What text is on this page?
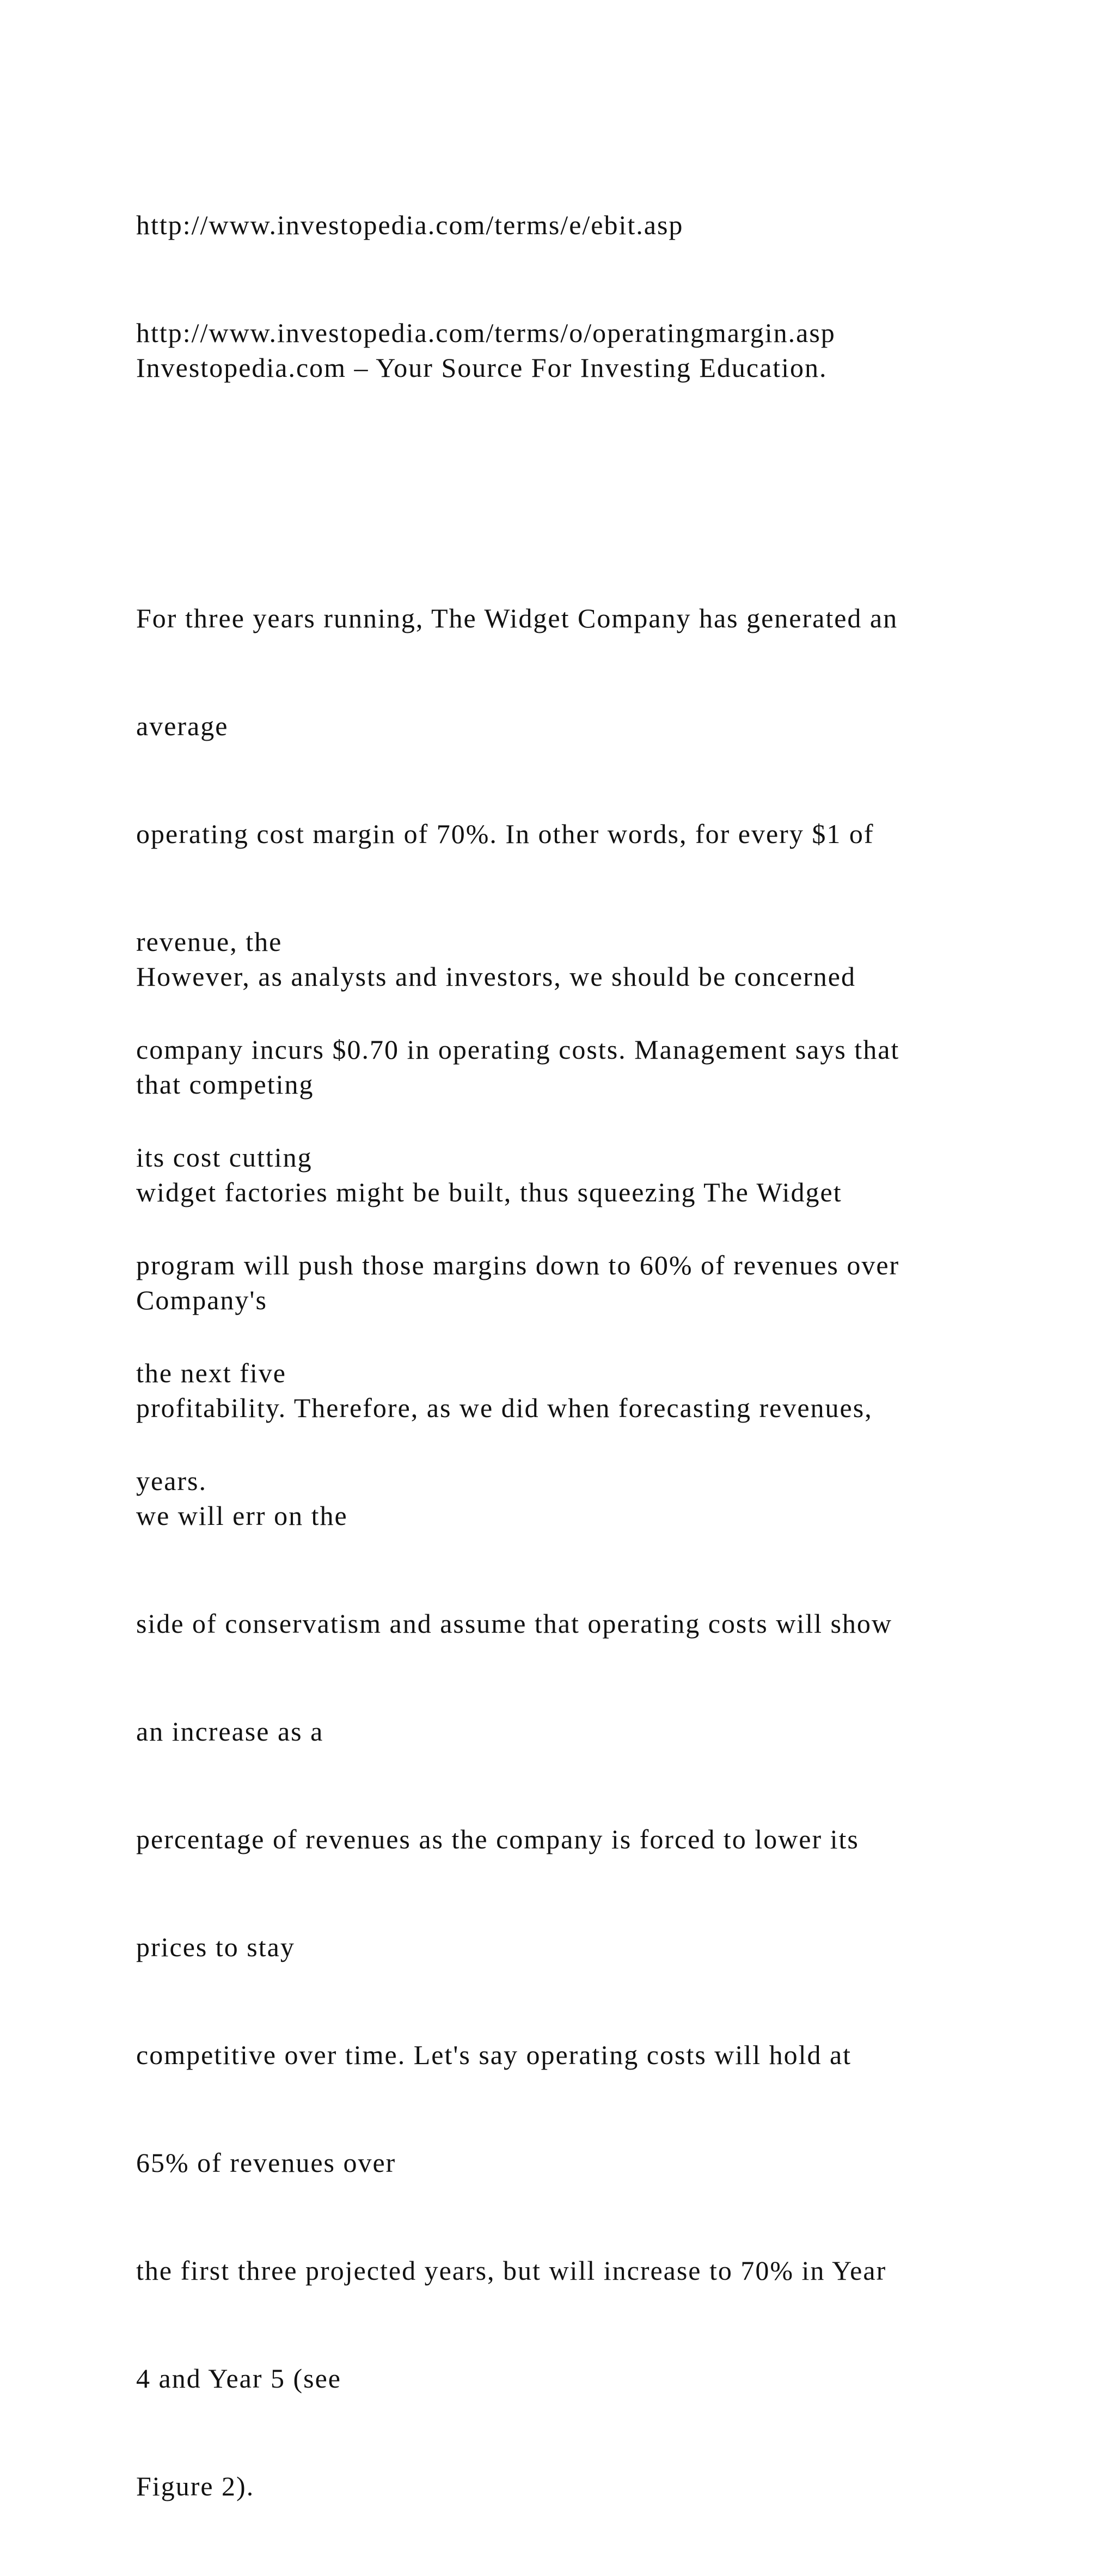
http://www.investopedia.com/terms/e/ebit.asp

http://www.investopedia.com/terms/o/operatingmargin.asp

Investopedia.com – Your Source For Investing Education.

For three years running, The Widget Company has generated an

average

operating cost margin of 70%. In other words, for every $1 of

revenue, the

company incurs $0.70 in operating costs. Management says that

its cost cutting

program will push those margins down to 60% of revenues over

the next five

years.

However, as analysts and investors, we should be concerned

that competing

widget factories might be built, thus squeezing The Widget

Company's

profitability. Therefore, as we did when forecasting revenues,

we will err on the

side of conservatism and assume that operating costs will show

an increase as a

percentage of revenues as the company is forced to lower its

prices to stay

competitive over time. Let's say operating costs will hold at

65% of revenues over

the first three projected years, but will increase to 70% in Year

4 and Year 5 (see

Figure 2).
